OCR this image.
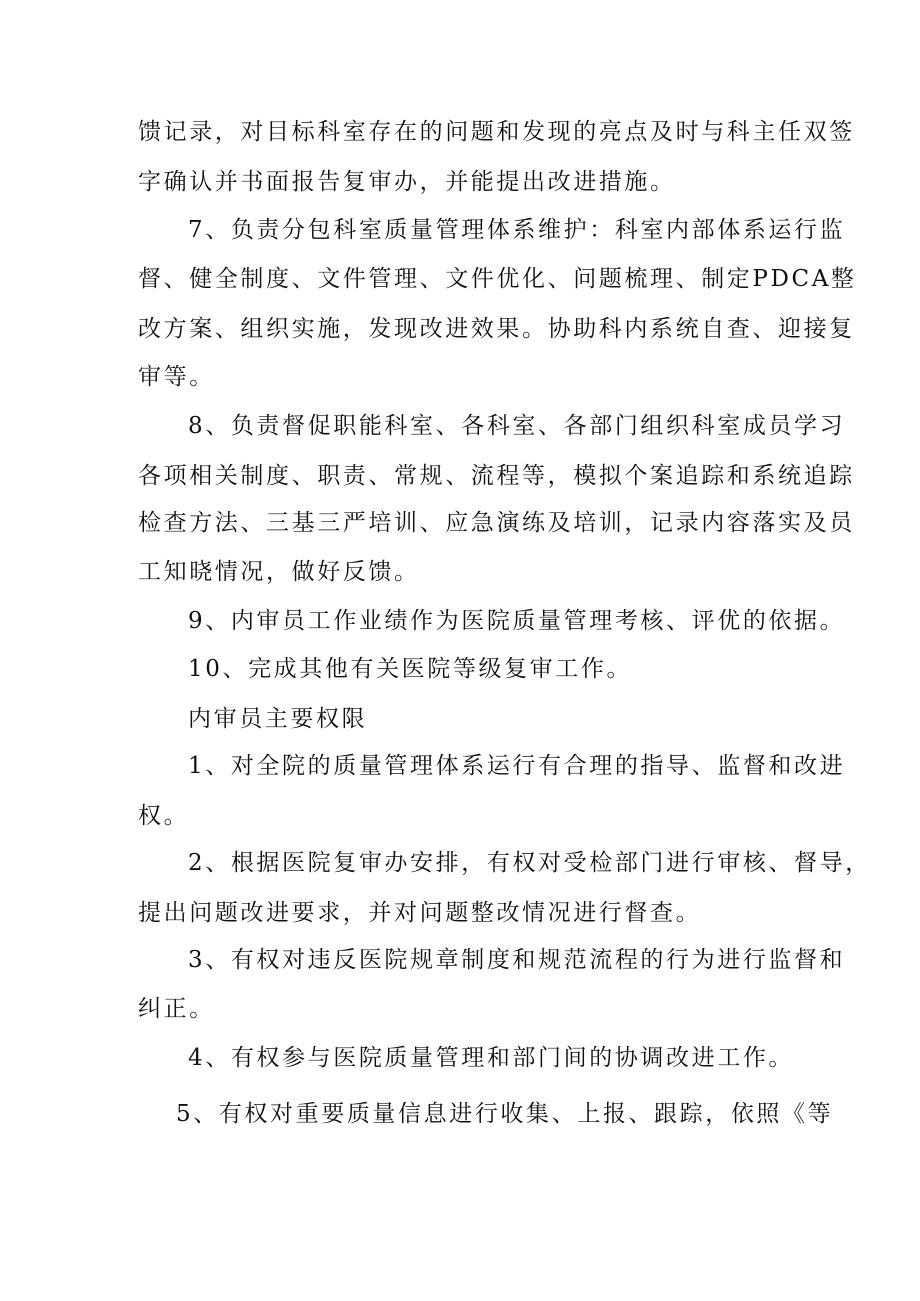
馈记录，对目标科室存在的问题和发现的亮点及时与科主任双签
字确认并书面报告复审办，并能提出改进措施。
7、负责分包科室质量管理体系维护：科室内部体系运行监
督、健全制度、文件管理、文件优化、问题梳理、制定PDCA整
改方案、组织实施，发现改进效果。协助科内系统自查、迎接复
审等。
8、负责督促职能科室、各科室、各部门组织科室成员学习
各项相关制度、职责、常规、流程等，模拟个案追踪和系统追踪
检查方法、三基三严培训、应急演练及培训，记录内容落实及员
工知晓情况，做好反馈。
9、内审员工作业绩作为医院质量管理考核、评优的依据。
10、完成其他有关医院等级复审工作。
内审员主要权限
1、对全院的质量管理体系运行有合理的指导、监督和改进
权。
2、根据医院复审办安排，有权对受检部门进行审核、督导，
提出问题改进要求，并对问题整改情况进行督查。
3、有权对违反医院规章制度和规范流程的行为进行监督和
纠正。
4、有权参与医院质量管理和部门间的协调改进工作。
5、有权对重要质量信息进行收集、上报、跟踪，依照《等
